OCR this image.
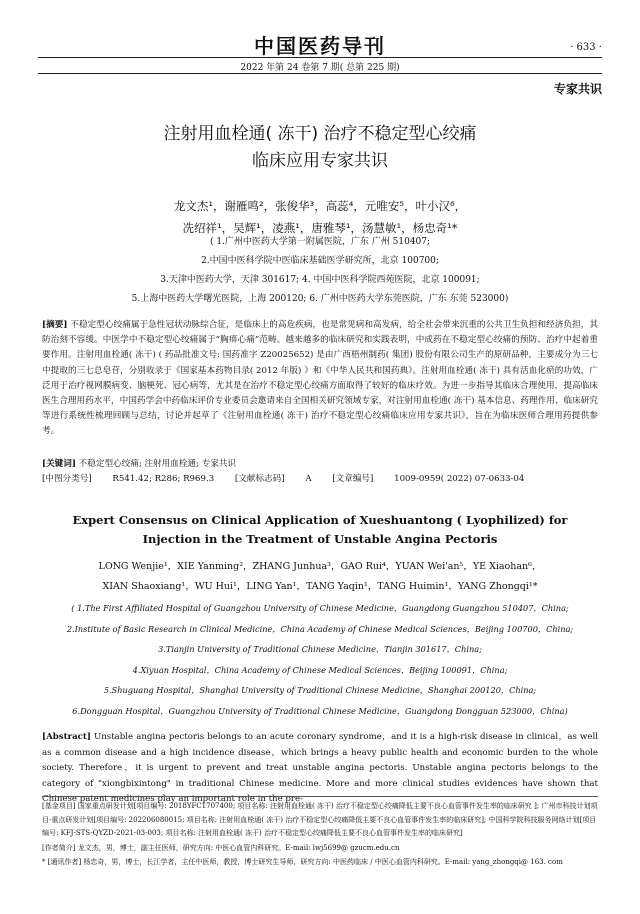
中国医药导刊	· 633 ·
2022 年第 24 卷第 7 期( 总第 225 期)
专家共识
注射用血栓通( 冻干) 治疗不稳定型心绞痛
临床应用专家共识
龙文杰¹，谢雁鸣²，张俊华³，高蕊⁴，元唯安⁵，叶小汉⁶，
冼绍祥¹，吴辉¹，凌燕¹，唐雅琴¹，汤慧敏¹，杨忠奇¹*
( 1.广州中医药大学第一附属医院，广东 广州 510407;
2.中国中医科学院中医临床基础医学研究所，北京 100700;
3.天津中医药大学，天津 301617; 4. 中国中医科学院西苑医院，北京 100091;
5.上海中医药大学曙光医院，上海 200120; 6. 广州中医药大学东莞医院，广东 东莞 523000)
[摘要] 不稳定型心绞痛属于急性冠状动脉综合征，是临床上的高危疾病，也是常见病和高发病，给全社会带来沉重的公共卫生负担和经济负担，其防治刻不容缓。中医学中不稳定型心绞痛属于“胸痹心痛”范畴。越来越多的临床研究和实践表明，中成药在不稳定型心绞痛的预防、治疗中起着重要作用。注射用血栓通( 冻干) ( 药品批准文号: 国药准字 Z20025652) 是由广西梧州制药( 集团) 股份有限公司生产的原研品种，主要成分为三七中提取的三七总皂苷，分别收录于《国家基本药物目录( 2012 年版) 》和《中华人民共和国药典》。注射用血栓通( 冻干) 具有活血化瘀的功效，广泛用于治疗视网膜病变、脑梗死、冠心病等，尤其是在治疗不稳定型心绞痛方面取得了较好的临床疗效。为进一步指导其临床合理使用，提高临床医生合理用药水平，中国药学会中药临床评价专业委员会邀请来自全国相关研究领域专家，对注射用血栓通( 冻干) 基本信息、药理作用、临床研究等进行系统性梳理回顾与总结，讨论并起草了《注射用血栓通( 冻干) 治疗不稳定型心绞痛临床应用专家共识》，旨在为临床医师合理用药提供参考。
[关键词] 不稳定型心绞痛; 注射用血栓通; 专家共识
[中图分类号] R541.42; R286; R969.3 [文献标志码] A [文章编号] 1009-0959( 2022) 07-0633-04
Expert Consensus on Clinical Application of Xueshuantong ( Lyophilized) for
Injection in the Treatment of Unstable Angina Pectoris
LONG Wenjie¹，XIE Yanming²，ZHANG Junhua³，GAO Rui⁴，YUAN Wei'an⁵，YE Xiaohan⁶，
XIAN Shaoxiang¹，WU Hui¹，LING Yan¹，TANG Yaqin¹，TANG Huimin¹，YANG Zhongqi¹*
( 1.The First Affiliated Hospital of Guangzhou University of Chinese Medicine，Guangdong Guangzhou 510407，China;
2.Institute of Basic Research in Clinical Medicine，China Academy of Chinese Medical Sciences，Beijing 100700，China;
3.Tianjin University of Traditional Chinese Medicine，Tianjin 301617，China;
4.Xiyuan Hospital，China Academy of Chinese Medical Sciences，Beijing 100091，China;
5.Shuguang Hospital，Shanghai University of Traditional Chinese Medicine，Shanghai 200120，China;
6.Dongguan Hospital，Guangzhou University of Traditional Chinese Medicine，Guangdong Dongguan 523000，China)
[Abstract] Unstable angina pectoris belongs to an acute coronary syndrome，and it is a high-risk disease in clinical，as well as a common disease and a high incidence disease，which brings a heavy public health and economic burden to the whole society. Therefore，it is urgent to prevent and treat unstable angina pectoris. Unstable angina pectoris belongs to the category of "xiongbixintong" in traditional Chinese medicine. More and more clinical studies evidences have shown that Chinese patent medicines play an important role in the pre-

[基金项目] 国家重点研发计划[项目编号: 2018YFC1707400; 项目名称: 注射用血栓通( 冻干) 治疗不稳定型心绞痛降低主要不良心血管事件发生率的临床研究 ]; 广州市科技计划项目-重点研发计划[项目编号: 202206080015; 项目名称: 注射用血栓通( 冻干) 治疗不稳定型心绞痛降低主要不良心血管事件发生率的临床研究]; 中国科学院科技服务网络计划[项目编号: KFJ-STS-QYZD-2021-03-003; 项目名称: 注射用血栓通( 冻干) 治疗不稳定型心绞痛降低主要不良心血管事件发生率的临床研究]

[作者简介] 龙文杰，男，博士，副主任医师，研究方向: 中医心血管内科研究。E-mail: lwj5699@ gzucm.edu.cn

* [通讯作者] 杨忠奇，男，博士，长江学者，主任中医师，教授，博士研究生导师，研究方向: 中医药临床 / 中医心血管内科研究。E-mail: yang_zhongqi@ 163. com
